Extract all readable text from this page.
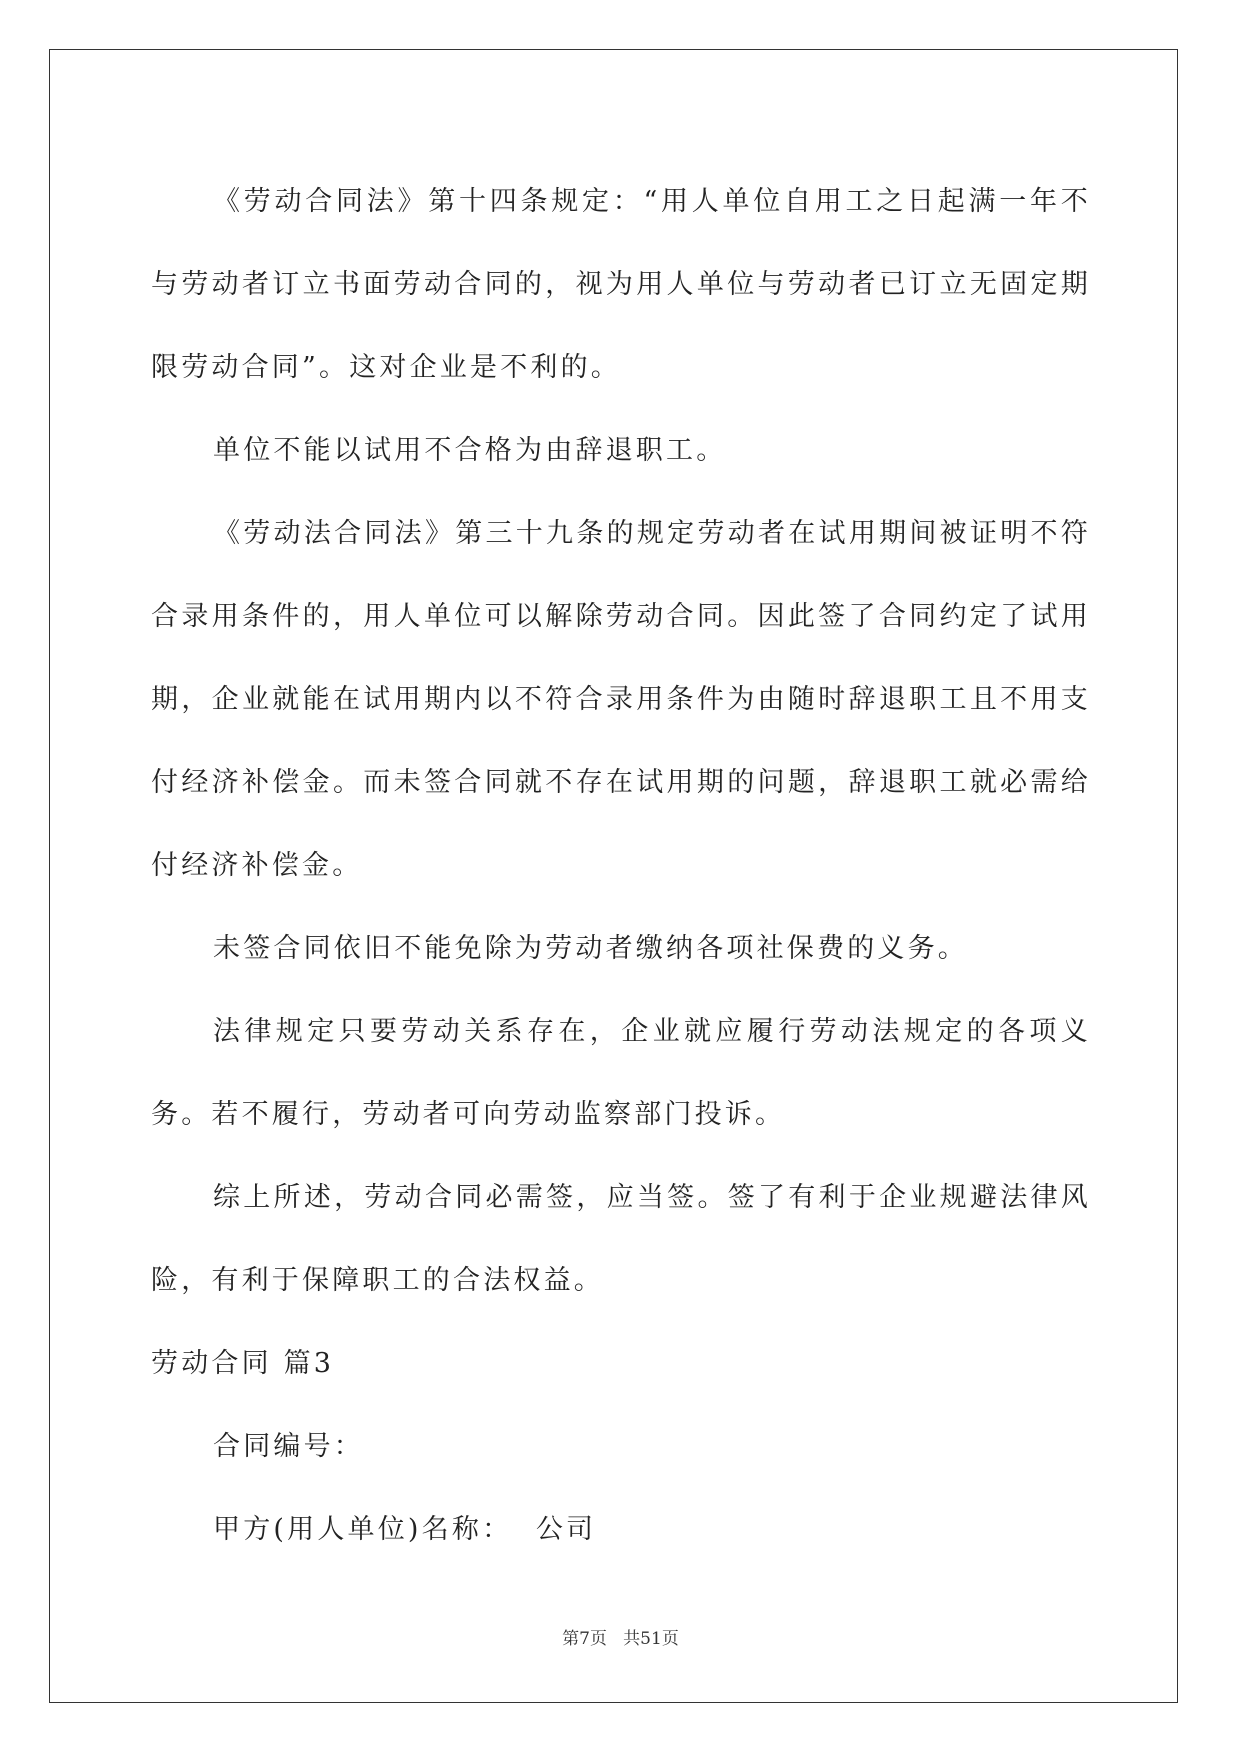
《劳动合同法》第十四条规定：“用人单位自用工之日起满一年不与劳动者订立书面劳动合同的，视为用人单位与劳动者已订立无固定期限劳动合同”。这对企业是不利的。

单位不能以试用不合格为由辞退职工。

《劳动法合同法》第三十九条的规定劳动者在试用期间被证明不符合录用条件的，用人单位可以解除劳动合同。因此签了合同约定了试用期，企业就能在试用期内以不符合录用条件为由随时辞退职工且不用支付经济补偿金。而未签合同就不存在试用期的问题，辞退职工就必需给付经济补偿金。

未签合同依旧不能免除为劳动者缴纳各项社保费的义务。

法律规定只要劳动关系存在，企业就应履行劳动法规定的各项义务。若不履行，劳动者可向劳动监察部门投诉。

综上所述，劳动合同必需签，应当签。签了有利于企业规避法律风险，有利于保障职工的合法权益。

劳动合同 篇3

合同编号：

甲方(用人单位)名称：  公司

第7页   共51页
